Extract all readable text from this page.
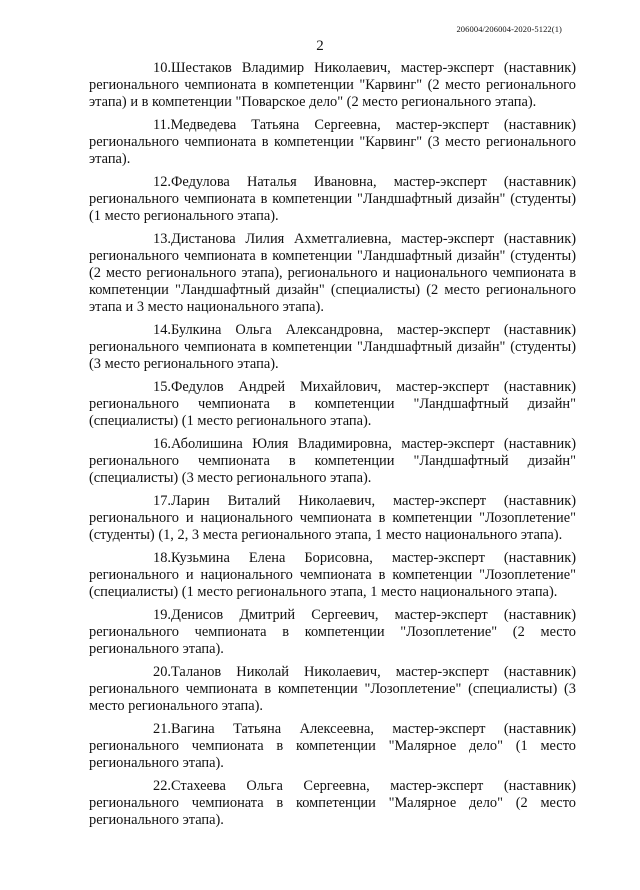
206004/206004-2020-5122(1)
2

10.Шестаков Владимир Николаевич, мастер-эксперт (наставник) регионального чемпионата в компетенции "Карвинг" (2 место регионального этапа) и в компетенции "Поварское дело" (2 место регионального этапа).

11.Медведева Татьяна Сергеевна, мастер-эксперт (наставник) регионального чемпионата в компетенции "Карвинг" (3 место регионального этапа).

12.Федулова Наталья Ивановна, мастер-эксперт (наставник) регионального чемпионата в компетенции "Ландшафтный дизайн" (студенты) (1 место регионального этапа).

13.Дистанова Лилия Ахметгалиевна, мастер-эксперт (наставник) регионального чемпионата в компетенции "Ландшафтный дизайн" (студенты) (2 место регионального этапа), регионального и национального чемпионата в компетенции "Ландшафтный дизайн" (специалисты) (2 место регионального этапа и 3 место национального этапа).

14.Булкина Ольга Александровна, мастер-эксперт (наставник) регионального чемпионата в компетенции "Ландшафтный дизайн" (студенты) (3 место регионального этапа).

15.Федулов Андрей Михайлович, мастер-эксперт (наставник) регионального чемпионата в компетенции "Ландшафтный дизайн" (специалисты) (1 место регионального этапа).

16.Аболишина Юлия Владимировна, мастер-эксперт (наставник) регионального чемпионата в компетенции "Ландшафтный дизайн" (специалисты) (3 место регионального этапа).

17.Ларин Виталий Николаевич, мастер-эксперт (наставник) регионального и национального чемпионата в компетенции "Лозоплетение" (студенты) (1, 2, 3 места регионального этапа, 1 место национального этапа).

18.Кузьмина Елена Борисовна, мастер-эксперт (наставник) регионального и национального чемпионата в компетенции "Лозоплетение" (специалисты) (1 место регионального этапа, 1 место национального этапа).

19.Денисов Дмитрий Сергеевич, мастер-эксперт (наставник) регионального чемпионата в компетенции "Лозоплетение" (2 место регионального этапа).

20.Таланов Николай Николаевич, мастер-эксперт (наставник) регионального чемпионата в компетенции "Лозоплетение" (специалисты) (3 место регионального этапа).

21.Вагина Татьяна Алексеевна, мастер-эксперт (наставник) регионального чемпионата в компетенции "Малярное дело" (1 место регионального этапа).

22.Стахеева Ольга Сергеевна, мастер-эксперт (наставник) регионального чемпионата в компетенции "Малярное дело" (2 место регионального этапа).
